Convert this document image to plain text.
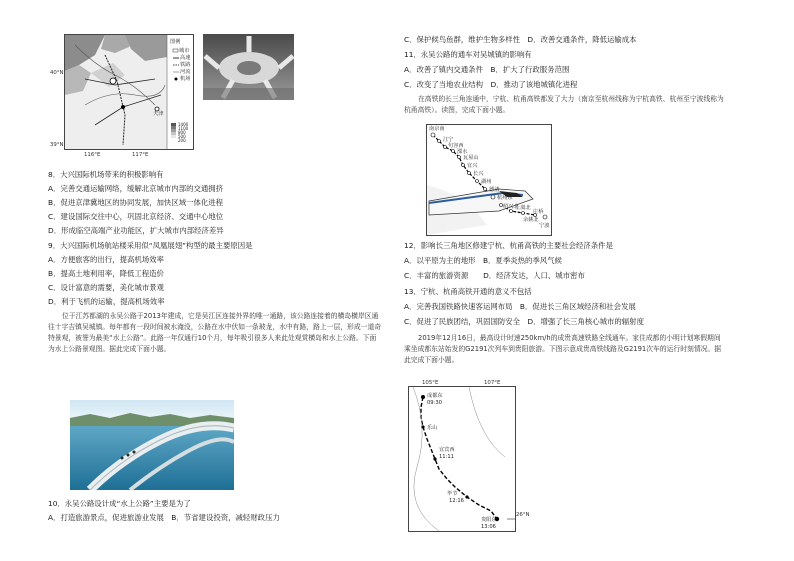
图例
城市
高速
铁路
河流
机场
1400
1100
800
500
200
天津
40°N
39°N
116°E	117°E
8．大兴国际机场带来的积极影响有
A．完善交通运输网络，缓解北京城市内部的交通拥挤
B．促进京津冀地区的协同发展，加快区域一体化进程
C．建设国际交往中心，巩固北京经济、交通中心地位
D．形成临空高端产业功能区，扩大城市内部经济差异
9．大兴国际机场航站楼采用似“凤凰展翅”构型的最主要原因是
A．方便旅客的出行，提高机场效率
B．提高土地利用率，降低工程造价
C．设计富意的需要，美化城市景观
D．利于飞机的运输，提高机场效率
位于江苏都湖的永吴公路于2013年建成，它是吴江区连接外界的唯一通路，该公路连接着的横岛横岸区通往十字吉镇吴城镇。每年都有一段时间被水淹没，公路在水中伏如一条玻龙，水中有路，路上一层，形成一道奇特景观，被誉为最美“水上公路”。此路一年仅通行10个月，每年吸引很多人来此处观赏横岛和水上公路。下面为水上公路景观图。据此完成下面小题。
10．永吴公路设计成“水上公路”主要是为了
A．打造旅游景点，促进旅游业发展　B．节省建设投资，减轻财政压力
C．保护候鸟鱼群，维护生物多样性　D．改善交通条件，降低运输成本
11．永吴公路的通车对吴城镇的影响有
A．改善了镇内交通条件　B．扩大了行政服务范围
C．改变了当地农业结构　D．推动了该地城镇化进程
在高铁的长三角连通中，宁杭、杭甬高铁都发了大力（南京至杭州线称为宁杭高铁、杭州至宁波线称为杭甬高铁）。读图，完成下面小题。
南京南
江宁
句容西
溧水
瓦屋山
宜兴
长兴
湖州
德清
杭州东
绍兴北
上虞北
余姚北
庄桥
宁波
12．影响长三角地区修建宁杭、杭甬高铁的主要社会经济条件是
A．以平原为主的地形　B．夏季炎热的季风气候
C．丰富的旅游资源　　D．经济发达，人口、城市密布
13．宁杭、杭甬高铁开通的意义不包括
A．完善我国铁路快速客运网布局　B．促进长三角区域经济和社会发展
C．促进了民族团结，巩固国防安全　D．增强了长三角核心城市的辐射度
2019年12月16日，最高设计时速250km/h的成贵高速铁路全线通车。家住成都的小明计划寒假期间乘坐成都东站始发的G2191次列车到贵阳旅游。下图示意成贵高铁线路及G2191次车的运行时刻情况。据此完成下面小题。
成都东
09:30
乐山
宜宾西
11:11
毕节
12:16
贵阳东
13:06
105°E	107°E
26°N
